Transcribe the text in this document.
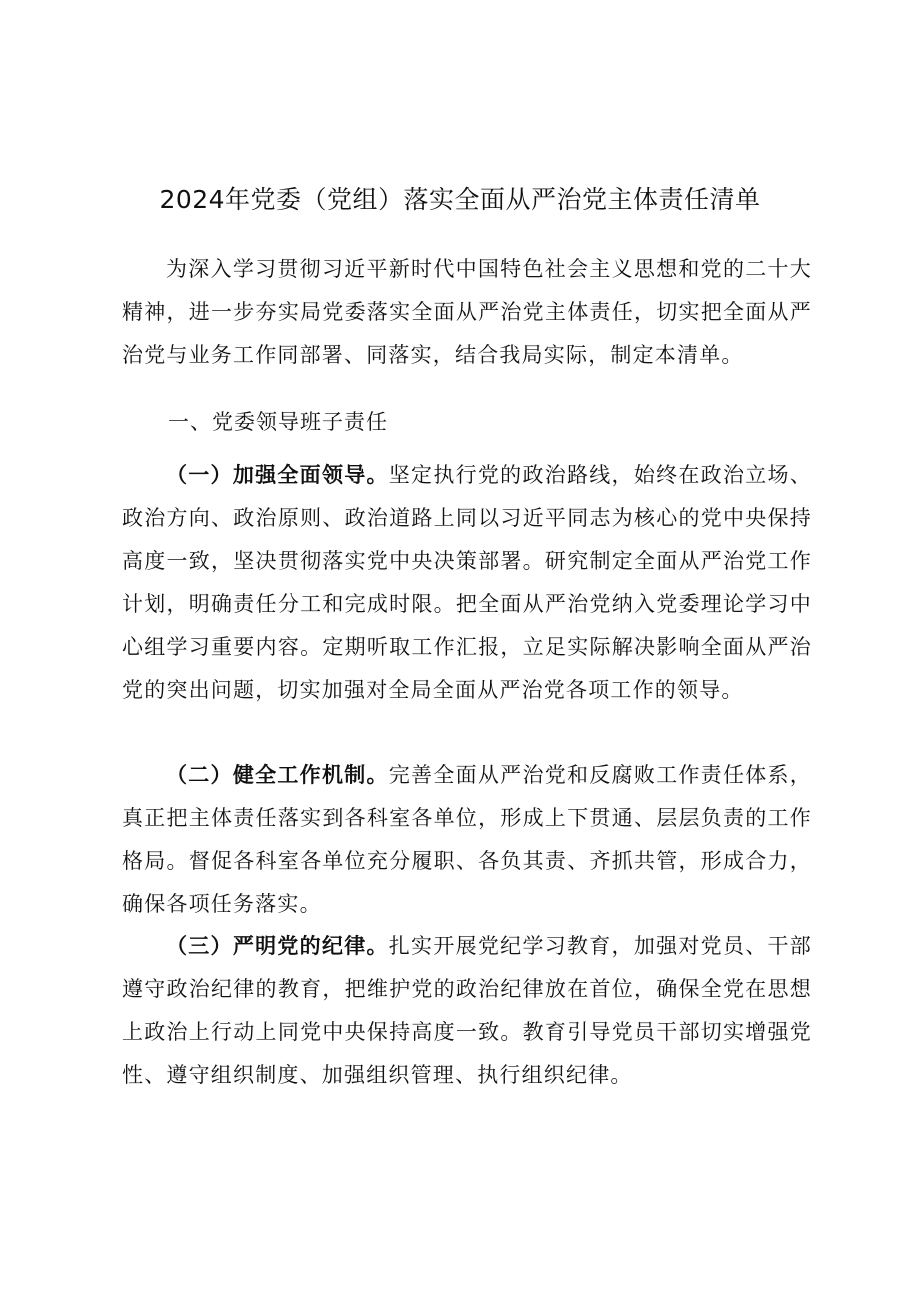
2024年党委（党组）落实全面从严治党主体责任清单
为深入学习贯彻习近平新时代中国特色社会主义思想和党的二十大精神，进一步夯实局党委落实全面从严治党主体责任，切实把全面从严治党与业务工作同部署、同落实，结合我局实际，制定本清单。
一、党委领导班子责任
（一）加强全面领导。坚定执行党的政治路线，始终在政治立场、政治方向、政治原则、政治道路上同以习近平同志为核心的党中央保持高度一致，坚决贯彻落实党中央决策部署。研究制定全面从严治党工作计划，明确责任分工和完成时限。把全面从严治党纳入党委理论学习中心组学习重要内容。定期听取工作汇报，立足实际解决影响全面从严治党的突出问题，切实加强对全局全面从严治党各项工作的领导。
（二）健全工作机制。完善全面从严治党和反腐败工作责任体系，真正把主体责任落实到各科室各单位，形成上下贯通、层层负责的工作格局。督促各科室各单位充分履职、各负其责、齐抓共管，形成合力，确保各项任务落实。
（三）严明党的纪律。扎实开展党纪学习教育，加强对党员、干部遵守政治纪律的教育，把维护党的政治纪律放在首位，确保全党在思想上政治上行动上同党中央保持高度一致。教育引导党员干部切实增强党性、遵守组织制度、加强组织管理、执行组织纪律。
